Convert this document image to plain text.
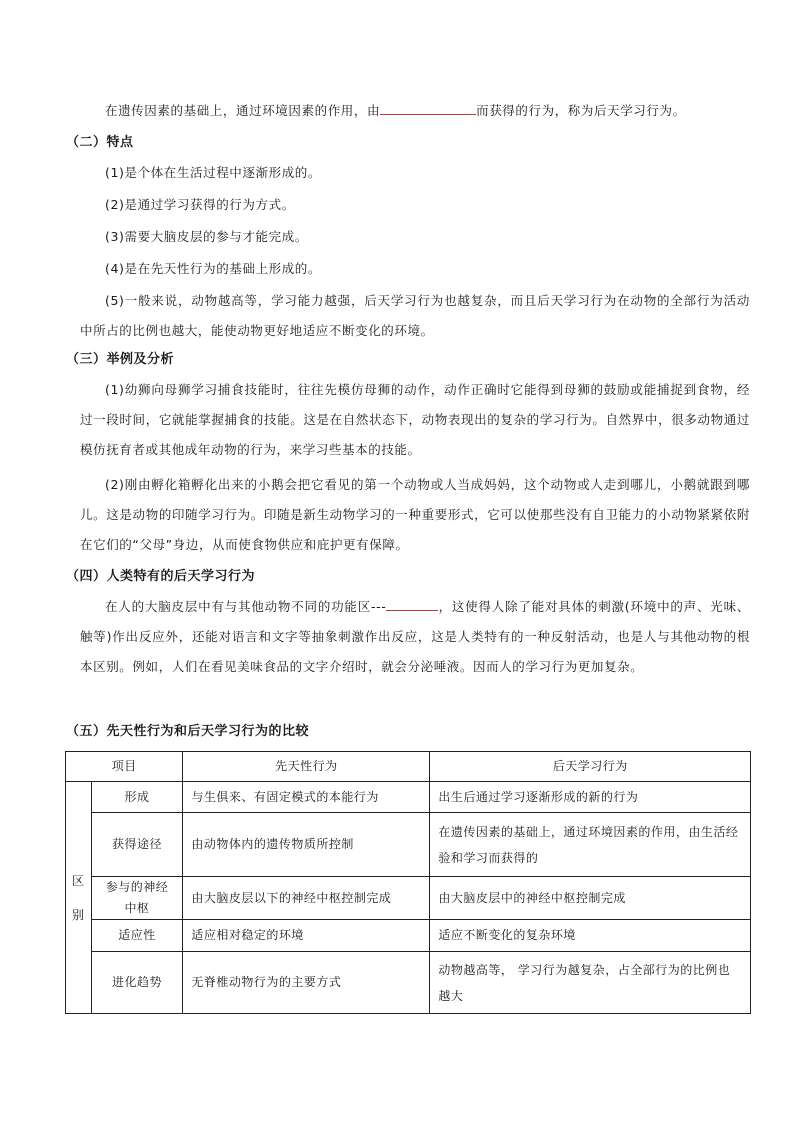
在遗传因素的基础上，通过环境因素的作用，由	而获得的行为，称为后天学习行为。

（二）特点

(1)是个体在生活过程中逐渐形成的。

(2)是通过学习获得的行为方式。

(3)需要大脑皮层的参与才能完成。

(4)是在先天性行为的基础上形成的。

(5)一般来说，动物越高等，学习能力越强，后天学习行为也越复杂，而且后天学习行为在动物的全部行为活动中所占的比例也越大，能使动物更好地适应不断变化的环境。

（三）举例及分析

(1)幼狮向母狮学习捕食技能时，往往先模仿母狮的动作，动作正确时它能得到母狮的鼓励或能捕捉到食物，经过一段时间，它就能掌握捕食的技能。这是在自然状态下，动物表现出的复杂的学习行为。自然界中，很多动物通过模仿抚育者或其他成年动物的行为，来学习些基本的技能。

(2)刚由孵化箱孵化出来的小鹅会把它看见的第一个动物或人当成妈妈，这个动物或人走到哪儿，小鹅就跟到哪儿。这是动物的印随学习行为。印随是新生动物学习的一种重要形式，它可以使那些没有自卫能力的小动物紧紧依附在它们的“父母”身边，从而使食物供应和庇护更有保障。

（四）人类特有的后天学习行为

在人的大脑皮层中有与其他动物不同的功能区---	，这使得人除了能对具体的刺激(环境中的声、光味、触等)作出反应外，还能对语言和文字等抽象刺激作出反应，这是人类特有的一种反射活动，也是人与其他动物的根本区别。例如，人们在看见美味食品的文字介绍时，就会分泌唾液。因而人的学习行为更加复杂。

（五）先天性行为和后天学习行为的比较
项目		先天性行为	后天学习行为
区别	形成	与生俱来、有固定模式的本能行为	出生后通过学习逐渐形成的新的行为
	获得途径	由动物体内的遗传物质所控制	在遗传因素的基础上，通过环境因素的作用，由生活经验和学习而获得的
	参与的神经中枢	由大脑皮层以下的神经中枢控制完成	由大脑皮层中的神经中枢控制完成
	适应性	适应相对稳定的环境	适应不断变化的复杂环境
	进化趋势	无脊椎动物行为的主要方式	动物越高等， 学习行为越复杂，占全部行为的比例也越大
